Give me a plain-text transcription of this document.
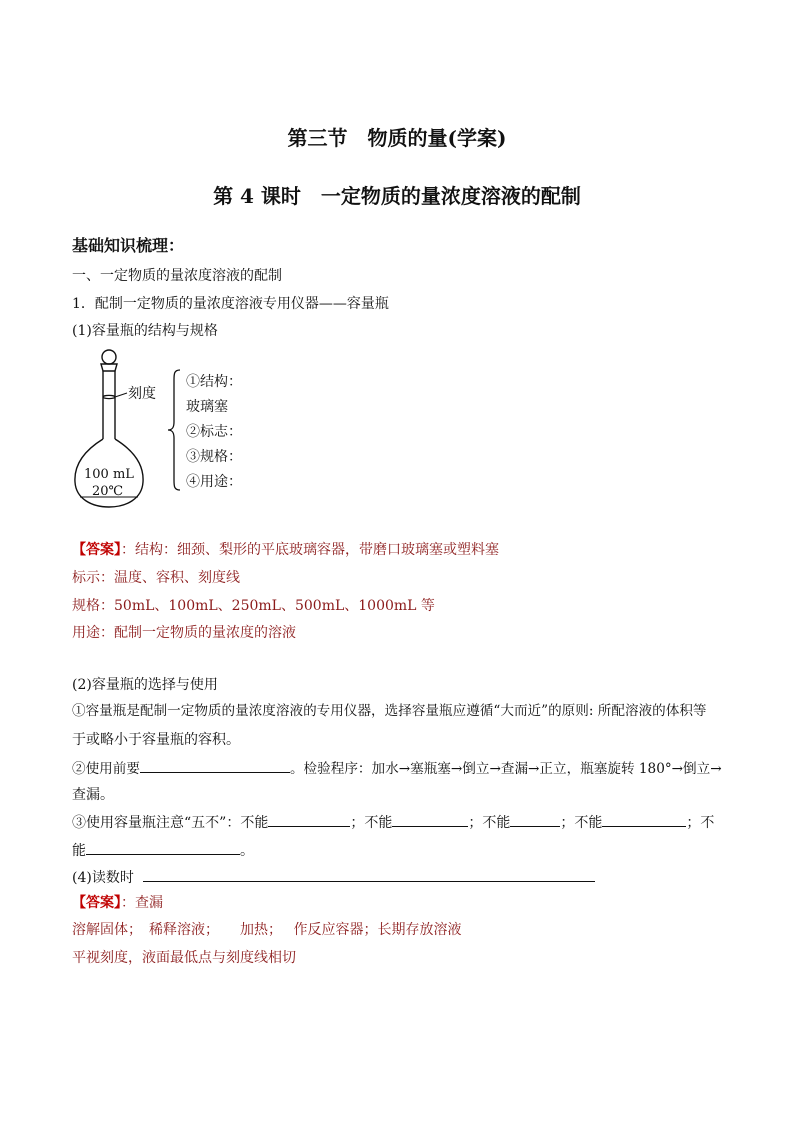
第三节　物质的量(学案)
第 4 课时　一定物质的量浓度溶液的配制
基础知识梳理：
一、一定物质的量浓度溶液的配制
1．配制一定物质的量浓度溶液专用仪器——容量瓶
(1)容量瓶的结构与规格
刻度
100 mL
20℃
①结构：
玻璃塞
②标志：
③规格：
④用途：
【答案】：结构：细颈、梨形的平底玻璃容器，带磨口玻璃塞或塑料塞
标示：温度、容积、刻度线
规格：50mL、100mL、250mL、500mL、1000mL 等
用途：配制一定物质的量浓度的溶液
(2)容量瓶的选择与使用
①容量瓶是配制一定物质的量浓度溶液的专用仪器，选择容量瓶应遵循“大而近”的原则: 所配溶液的体积等
于或略小于容量瓶的容积。
②使用前要	。检验程序：加水→塞瓶塞→倒立→查漏→正立，瓶塞旋转 180°→倒立→
查漏。
③使用容量瓶注意“五不”：不能	；不能	；不能	；不能	；不
能	。
(4)读数时
【答案】：查漏
溶解固体；　稀释溶液；　　加热；　 作反应容器；长期存放溶液
平视刻度，液面最低点与刻度线相切
